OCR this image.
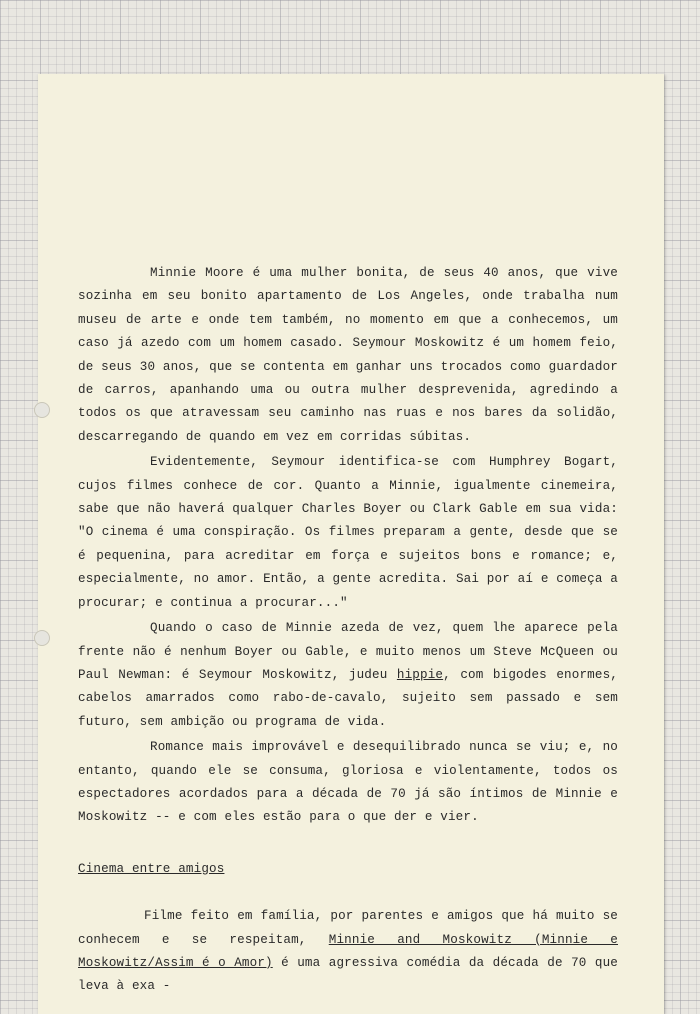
Minnie Moore é uma mulher bonita, de seus 40 anos, que vive sozinha em seu bonito apartamento de Los Angeles, onde trabalha num museu de arte e onde tem também, no momento em que a conhecemos, um caso já azedo com um homem casado. Seymour Moskowitz é um homem feio, de seus 30 anos, que se contenta em ganhar uns trocados como guardador de carros, apanhando uma ou outra mulher desprevenida, agredindo a todos os que atravessam seu caminho nas ruas e nos bares da solidão, descarregando de quando em vez em corridas súbitas.

Evidentemente, Seymour identifica-se com Humphrey Bogart, cujos filmes conhece de cor. Quanto a Minnie, igualmente cinemeira, sabe que não haverá qualquer Charles Boyer ou Clark Gable em sua vida: "O cinema é uma conspiração. Os filmes preparam a gente, desde que se é pequenina, para acreditar em força e sujeitos bons e romance; e, especialmente, no amor. Então, a gente acredita. Sai por aí e começa a procurar; e continua a procurar..."

Quando o caso de Minnie azeda de vez, quem lhe aparece pela frente não é nenhum Boyer ou Gable, e muito menos um Steve McQueen ou Paul Newman: é Seymour Moskowitz, judeu hippie, com bigodes enormes, cabelos amarrados como rabo-de-cavalo, sujeito sem passado e sem futuro, sem ambição ou programa de vida.

Romance mais improvável e desequilibrado nunca se viu; e, no entanto, quando ele se consuma, gloriosa e violentamente, todos os espectadores acordados para a década de 70 já são íntimos de Minnie e Moskowitz -- e com eles estão para o que der e vier.

Cinema entre amigos

Filme feito em família, por parentes e amigos que há muito se conhecem e se respeitam, Minnie and Moskowitz (Minnie e Moskowitz/Assim é o Amor) é uma agressiva comédia da década de 70 que leva à exa -
